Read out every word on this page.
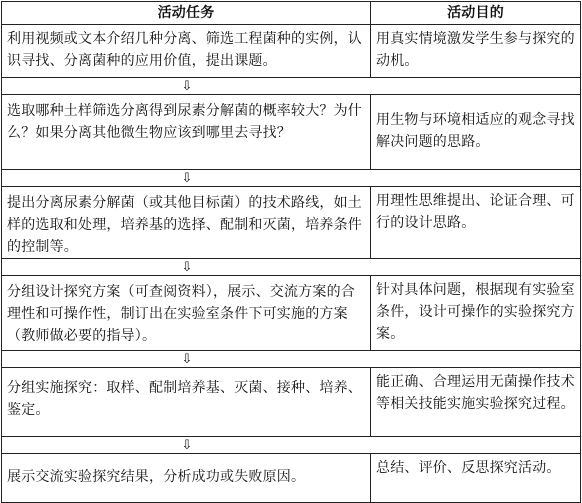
活动任务	活动目的
利用视频或文本介绍几种分离、筛选工程菌种的实例，认识寻找、分离菌种的应用价值，提出课题。
用真实情境激发学生参与探究的动机。
⇩
选取哪种土样筛选分离得到尿素分解菌的概率较大？为什么？如果分离其他微生物应该到哪里去寻找？
用生物与环境相适应的观念寻找解决问题的思路。
⇩
提出分离尿素分解菌（或其他目标菌）的技术路线，如土样的选取和处理，培养基的选择、配制和灭菌，培养条件的控制等。
用理性思维提出、论证合理、可行的设计思路。
⇩
分组设计探究方案（可查阅资料），展示、交流方案的合理性和可操作性，制订出在实验室条件下可实施的方案（教师做必要的指导）。
针对具体问题，根据现有实验室条件，设计可操作的实验探究方案。
⇩
分组实施探究：取样、配制培养基、灭菌、接种、培养、鉴定。
能正确、合理运用无菌操作技术等相关技能实施实验探究过程。
⇩
展示交流实验探究结果，分析成功或失败原因。
总结、评价、反思探究活动。
